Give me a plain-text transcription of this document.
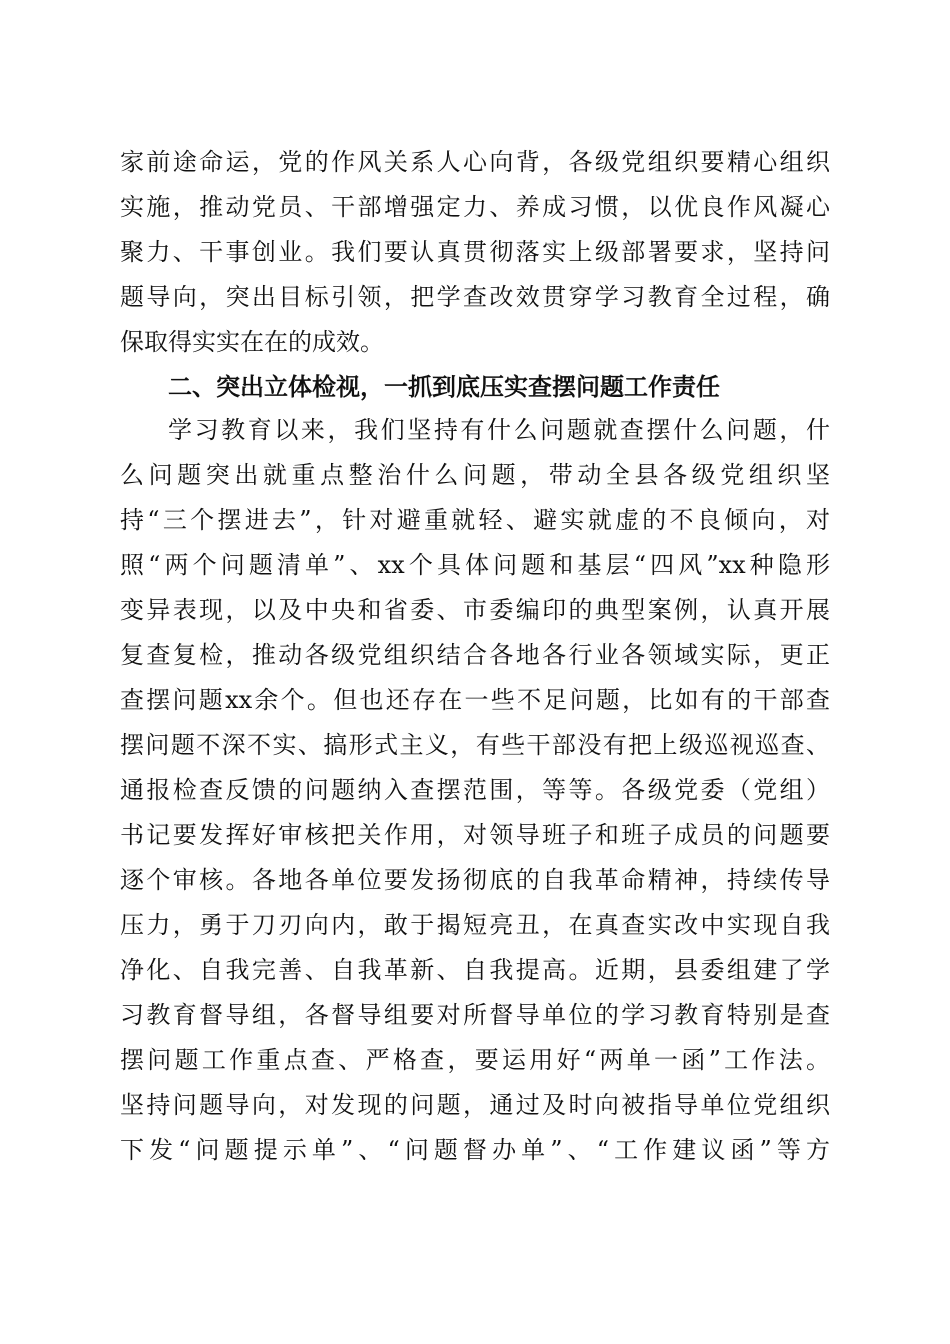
家前途命运，党的作风关系人心向背，各级党组织要精心组织
实施，推动党员、干部增强定力、养成习惯，以优良作风凝心
聚力、干事创业。我们要认真贯彻落实上级部署要求，坚持问
题导向，突出目标引领，把学查改效贯穿学习教育全过程，确
保取得实实在在的成效。
二、突出立体检视，一抓到底压实查摆问题工作责任
学习教育以来，我们坚持有什么问题就查摆什么问题，什
么问题突出就重点整治什么问题，带动全县各级党组织坚
持“三个摆进去”，针对避重就轻、避实就虚的不良倾向，对
照“两个问题清单”、xx个具体问题和基层“四风”xx种隐形
变异表现，以及中央和省委、市委编印的典型案例，认真开展
复查复检，推动各级党组织结合各地各行业各领域实际，更正
查摆问题xx余个。但也还存在一些不足问题，比如有的干部查
摆问题不深不实、搞形式主义，有些干部没有把上级巡视巡查、
通报检查反馈的问题纳入查摆范围，等等。各级党委（党组）
书记要发挥好审核把关作用，对领导班子和班子成员的问题要
逐个审核。各地各单位要发扬彻底的自我革命精神，持续传导
压力，勇于刀刃向内，敢于揭短亮丑，在真查实改中实现自我
净化、自我完善、自我革新、自我提高。近期，县委组建了学
习教育督导组，各督导组要对所督导单位的学习教育特别是查
摆问题工作重点查、严格查，要运用好“两单一函”工作法。
坚持问题导向，对发现的问题，通过及时向被指导单位党组织
下发“问题提示单”、“问题督办单”、“工作建议函”等方
